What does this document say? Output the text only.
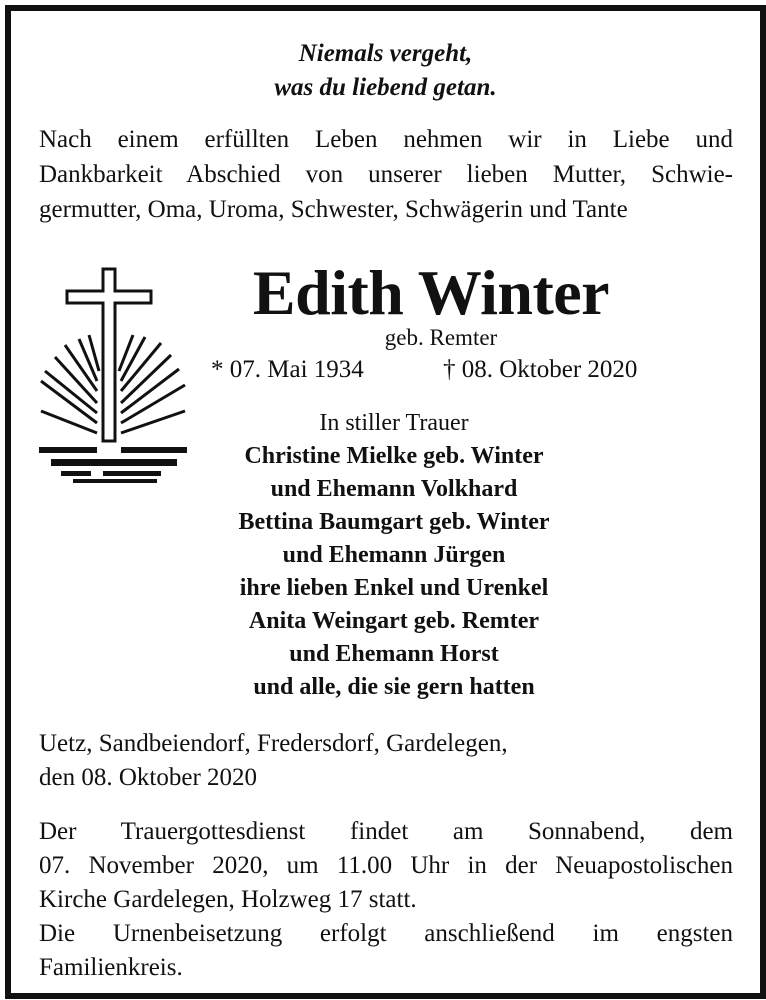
Niemals vergeht,
was du liebend getan.
Nach einem erfüllten Leben nehmen wir in Liebe und
Dankbarkeit Abschied von unserer lieben Mutter, Schwie-
germutter, Oma, Uroma, Schwester, Schwägerin und Tante
Edith Winter
geb. Remter
* 07. Mai 1934	† 08. Oktober 2020
In stiller Trauer
Christine Mielke geb. Winter
und Ehemann Volkhard
Bettina Baumgart geb. Winter
und Ehemann Jürgen
ihre lieben Enkel und Urenkel
Anita Weingart geb. Remter
und Ehemann Horst
und alle, die sie gern hatten
Uetz, Sandbeiendorf, Fredersdorf, Gardelegen,
den 08. Oktober 2020
Der Trauergottesdienst findet am Sonnabend, dem
07. November 2020, um 11.00 Uhr in der Neuapostolischen
Kirche Gardelegen, Holzweg 17 statt.
Die Urnenbeisetzung erfolgt anschließend im engsten
Familienkreis.
